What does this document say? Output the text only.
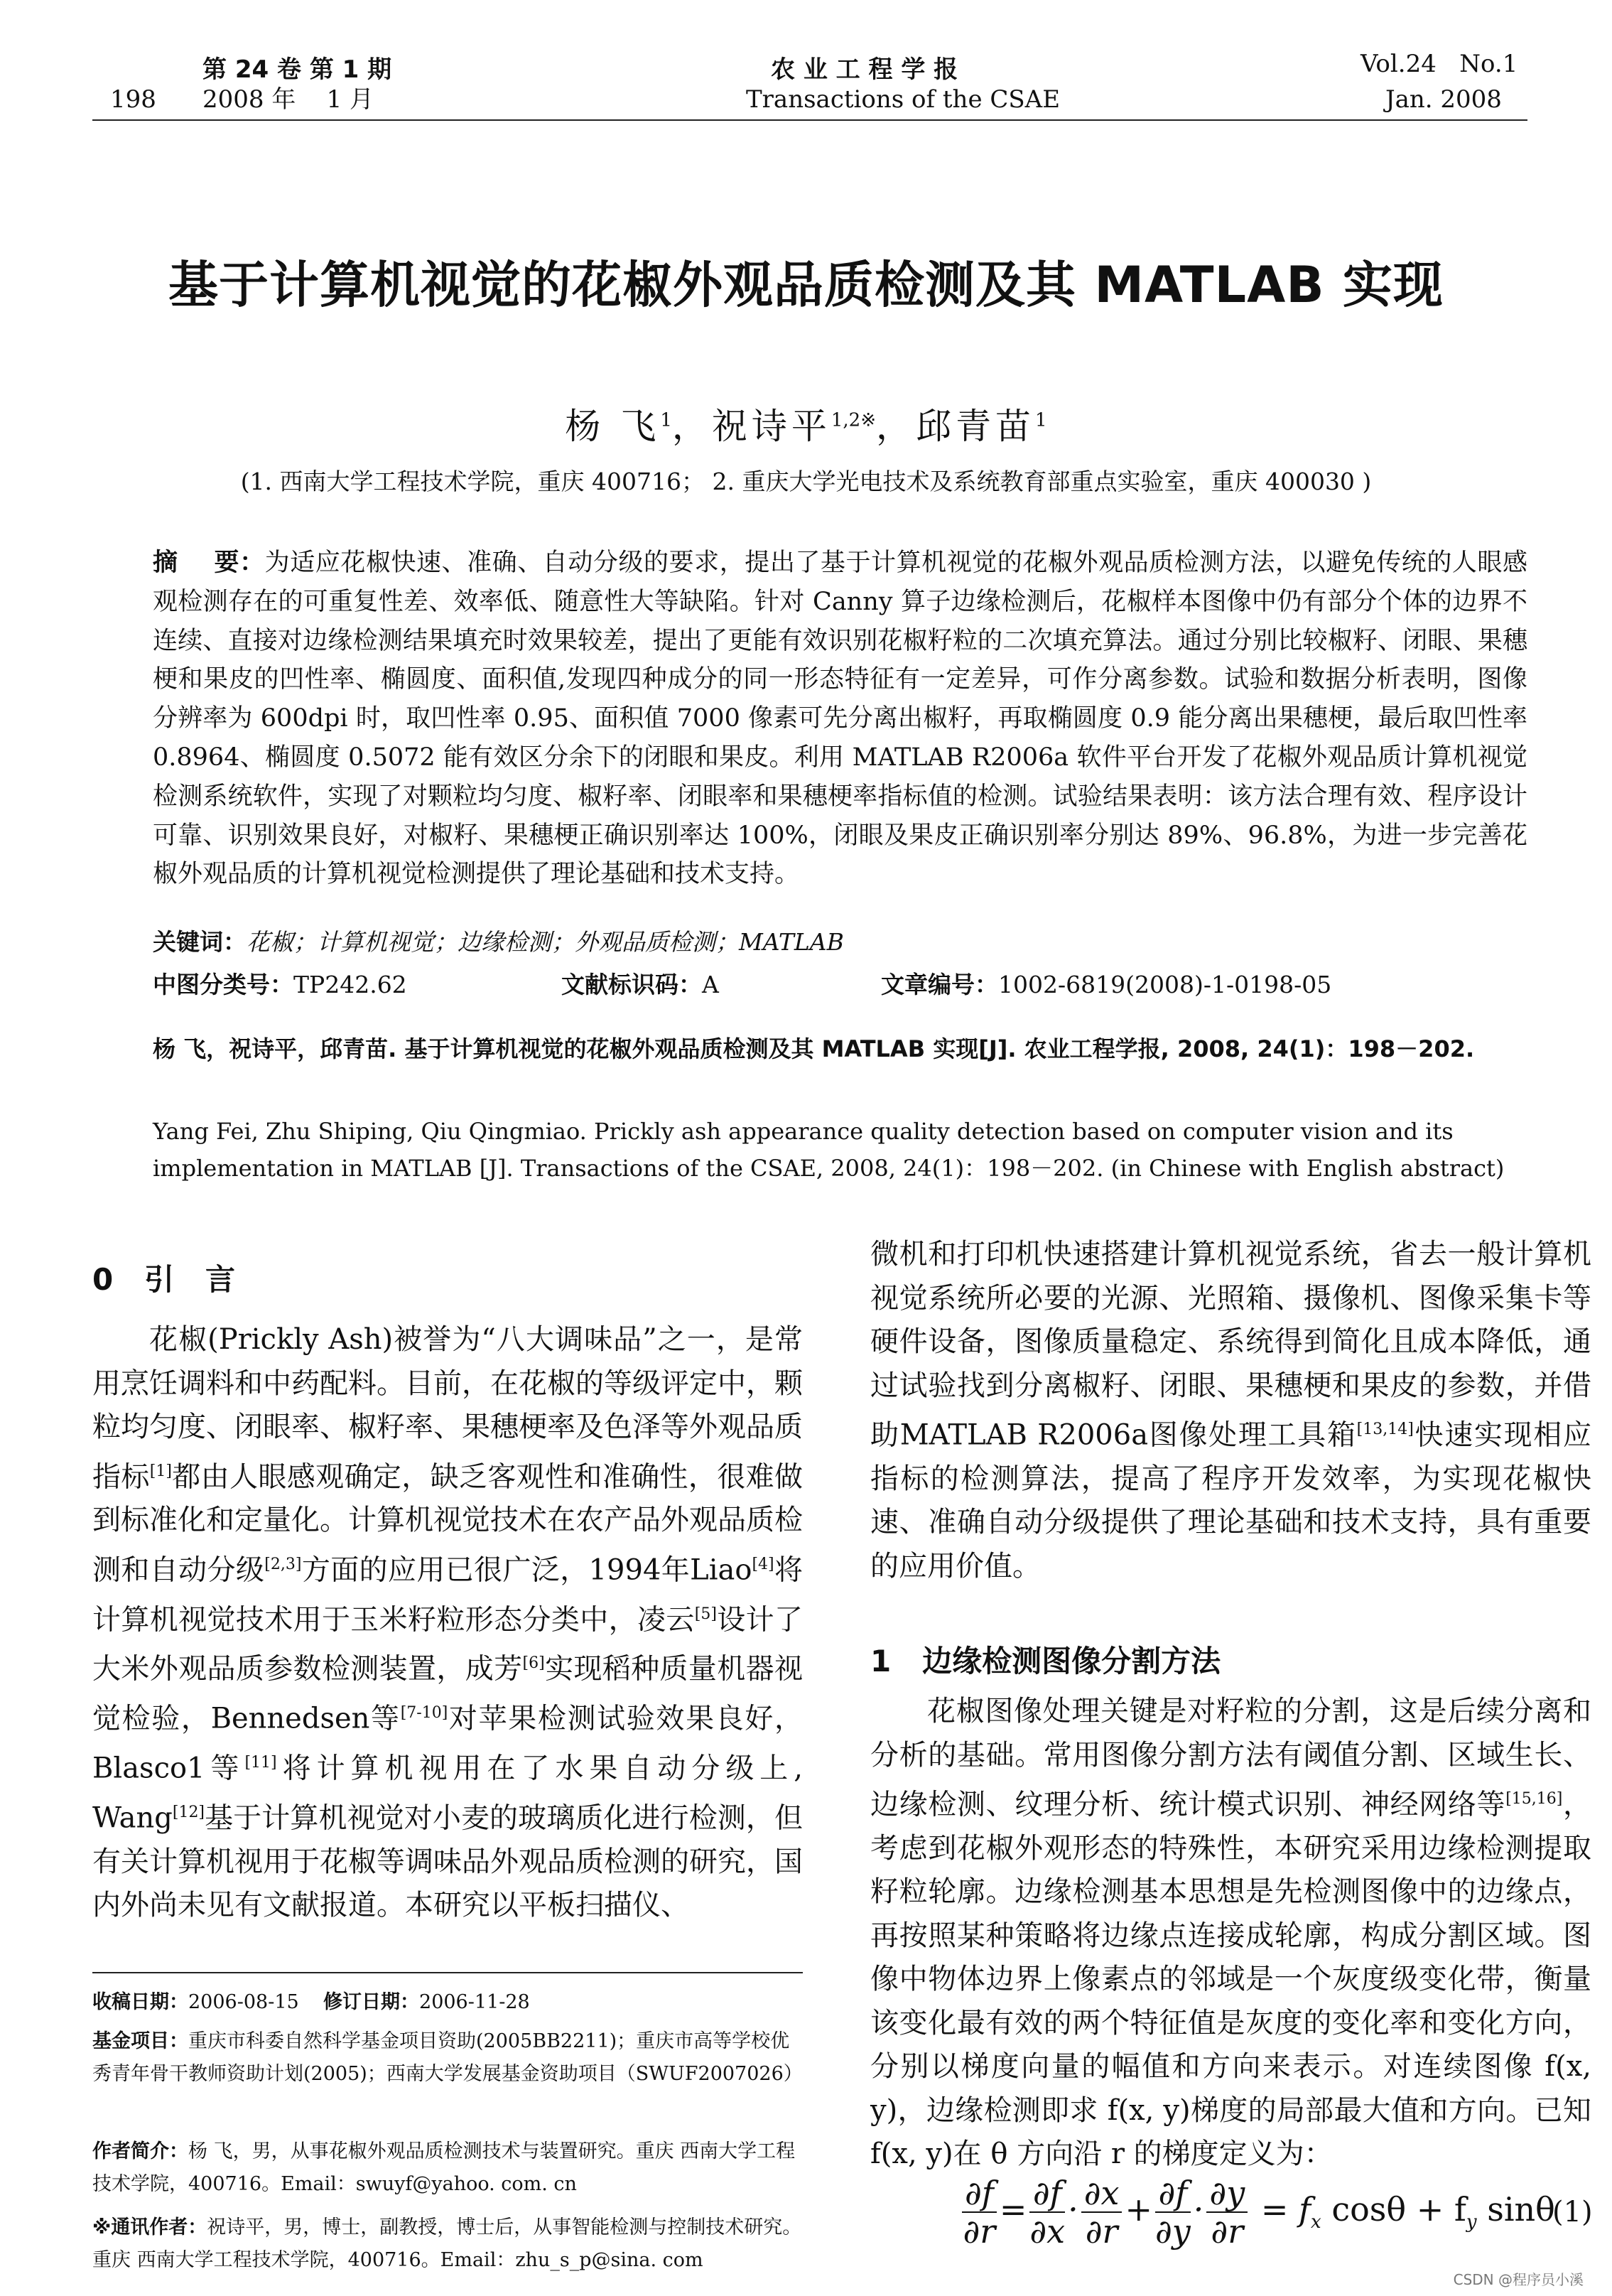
198
第 24 卷 第 1 期
2008 年    1 月
农 业 工 程 学 报
Transactions of the CSAE
Vol.24   No.1
Jan. 2008
基于计算机视觉的花椒外观品质检测及其 MATLAB 实现
杨 飞$^1$，祝诗平$^{1,2※}$，邱青苗$^1$
(1. 西南大学工程技术学院，重庆 400716； 2. 重庆大学光电技术及系统教育部重点实验室，重庆 400030 )
摘    要：为适应花椒快速、准确、自动分级的要求，提出了基于计算机视觉的花椒外观品质检测方法，以避免传统的人眼感观检测存在的可重复性差、效率低、随意性大等缺陷。针对 Canny 算子边缘检测后，花椒样本图像中仍有部分个体的边界不连续、直接对边缘检测结果填充时效果较差，提出了更能有效识别花椒籽粒的二次填充算法。通过分别比较椒籽、闭眼、果穗梗和果皮的凹性率、椭圆度、面积值,发现四种成分的同一形态特征有一定差异，可作分离参数。试验和数据分析表明，图像分辨率为 600dpi 时，取凹性率 0.95、面积值 7000 像素可先分离出椒籽，再取椭圆度 0.9 能分离出果穗梗，最后取凹性率 0.8964、椭圆度 0.5072 能有效区分余下的闭眼和果皮。利用 MATLAB R2006a 软件平台开发了花椒外观品质计算机视觉检测系统软件，实现了对颗粒均匀度、椒籽率、闭眼率和果穗梗率指标值的检测。试验结果表明：该方法合理有效、程序设计可靠、识别效果良好，对椒籽、果穗梗正确识别率达 100%，闭眼及果皮正确识别率分别达 89%、96.8%，为进一步完善花椒外观品质的计算机视觉检测提供了理论基础和技术支持。
关键词：花椒；计算机视觉；边缘检测；外观品质检测；MATLAB
中图分类号：TP242.62	文献标识码：A	文章编号：1002-6819(2008)-1-0198-05
杨 飞，祝诗平，邱青苗. 基于计算机视觉的花椒外观品质检测及其 MATLAB 实现[J]. 农业工程学报, 2008, 24(1)：198－202.
Yang Fei, Zhu Shiping, Qiu Qingmiao. Prickly ash appearance quality detection based on computer vision and its implementation in MATLAB [J]. Transactions of the CSAE, 2008, 24(1)：198－202. (in Chinese with English abstract)
0   引   言

花椒(Prickly Ash)被誉为“八大调味品”之一，是常用烹饪调料和中药配料。目前，在花椒的等级评定中，颗粒均匀度、闭眼率、椒籽率、果穗梗率及色泽等外观品质指标[1]都由人眼感观确定，缺乏客观性和准确性，很难做到标准化和定量化。计算机视觉技术在农产品外观品质检测和自动分级[2,3]方面的应用已很广泛，1994年Liao[4]将计算机视觉技术用于玉米籽粒形态分类中，凌云[5]设计了大米外观品质参数检测装置，成芳[6]实现稻种质量机器视觉检验，Bennedsen等[7-10]对苹果检测试验效果良好，Blasco1等[11]将计算机视用在了水果自动分级上, Wang[12]基于计算机视觉对小麦的玻璃质化进行检测，但有关计算机视用于花椒等调味品外观品质检测的研究，国内外尚未见有文献报道。本研究以平板扫描仪、

收稿日期：2006-08-15 修订日期：2006-11-28
基金项目：重庆市科委自然科学基金项目资助(2005BB2211)；重庆市高等学校优秀青年骨干教师资助计划(2005)；西南大学发展基金资助项目（SWUF2007026）
作者简介：杨 飞，男，从事花椒外观品质检测技术与装置研究。重庆 西南大学工程技术学院，400716。Email：swuyf@yahoo. com. cn
※通讯作者：祝诗平，男，博士，副教授，博士后，从事智能检测与控制技术研究。重庆 西南大学工程技术学院，400716。Email：zhu_s_p@sina. com

微机和打印机快速搭建计算机视觉系统，省去一般计算机视觉系统所必要的光源、光照箱、摄像机、图像采集卡等硬件设备，图像质量稳定、系统得到简化且成本降低，通过试验找到分离椒籽、闭眼、果穗梗和果皮的参数，并借助MATLAB R2006a图像处理工具箱[13,14]快速实现相应指标的检测算法，提高了程序开发效率，为实现花椒快速、准确自动分级提供了理论基础和技术支持，具有重要的应用价值。

1   边缘检测图像分割方法

花椒图像处理关键是对籽粒的分割，这是后续分离和分析的基础。常用图像分割方法有阈值分割、区域生长、边缘检测、纹理分析、统计模式识别、神经网络等[15,16]，考虑到花椒外观形态的特殊性，本研究采用边缘检测提取籽粒轮廓。边缘检测基本思想是先检测图像中的边缘点，再按照某种策略将边缘点连接成轮廓，构成分割区域。图像中物体边界上像素点的邻域是一个灰度级变化带，衡量该变化最有效的两个特征值是灰度的变化率和变化方向，分别以梯度向量的幅值和方向来表示。对连续图像 f(x, y)，边缘检测即求 f(x, y)梯度的局部最大值和方向。已知f(x, y)在 θ 方向沿 r 的梯度定义为：

$\frac{\partial f}{\partial r} = \frac{\partial f}{\partial x} \cdot \frac{\partial x}{\partial r} + \frac{\partial f}{\partial y} \cdot \frac{\partial y}{\partial r} = f_x$ $\cos\theta + f_y$ sinθ
(1)
CSDN @程序员小溪
